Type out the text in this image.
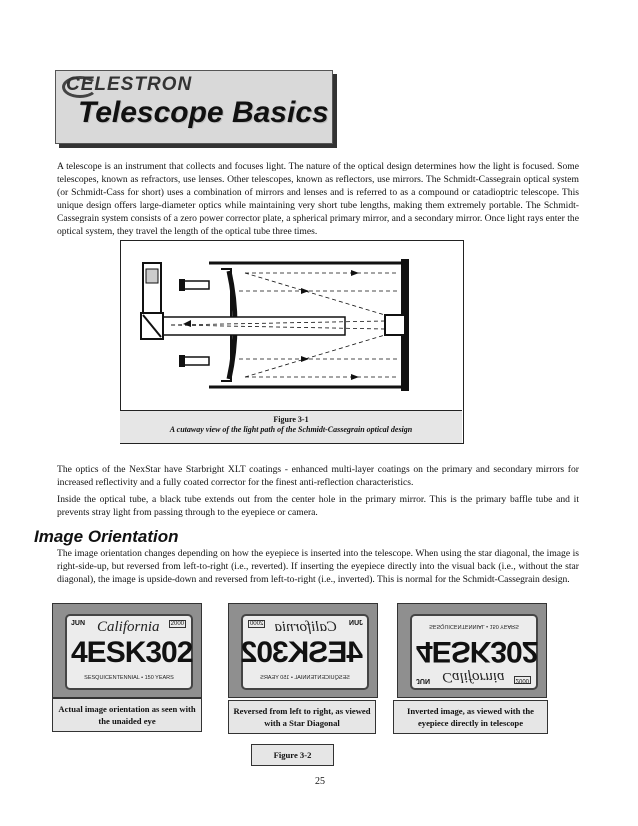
CELESTRON
Telescope Basics
A telescope is an instrument that collects and focuses light. The nature of the optical design determines how the light is focused. Some telescopes, known as refractors, use lenses. Other telescopes, known as reflectors, use mirrors. The Schmidt-Cassegrain optical system (or Schmidt-Cass for short) uses a combination of mirrors and lenses and is referred to as a compound or catadioptric telescope. This unique design offers large-diameter optics while maintaining very short tube lengths, making them extremely portable. The Schmidt-Cassegrain system consists of a zero power corrector plate, a spherical primary mirror, and a secondary mirror. Once light rays enter the optical system, they travel the length of the optical tube three times.
Figure 3-1
A cutaway view of the light path of the Schmidt-Cassegrain optical design
The optics of the NexStar have Starbright XLT coatings - enhanced multi-layer coatings on the primary and secondary mirrors for increased reflectivity and a fully coated corrector for the finest anti-reflection characteristics.
Inside the optical tube, a black tube extends out from the center hole in the primary mirror. This is the primary baffle tube and it prevents stray light from passing through to the eyepiece or camera.
Image Orientation
The image orientation changes depending on how the eyepiece is inserted into the telescope. When using the star diagonal, the image is right-side-up, but reversed from left-to-right (i.e., reverted). If inserting the eyepiece directly into the visual back (i.e., without the star diagonal), the image is upside-down and reversed from left-to-right (i.e., inverted). This is normal for the Schmidt-Cassegrain design.
JUN California	2000
4ESK302
SESQUICENTENNIAL • 150 YEARS
JUN
California
2000
4ESK302
SESQUICENTENNIAL • 150 YEARS	JUN California	2000
4ESK302
SESQUICENTENNIAL • 150 YEARS
Actual image orientation as seen with the unaided eye
Reversed from left to right, as viewed with a Star Diagonal
Inverted image, as viewed with the eyepiece directly in telescope
Figure 3-2
25
